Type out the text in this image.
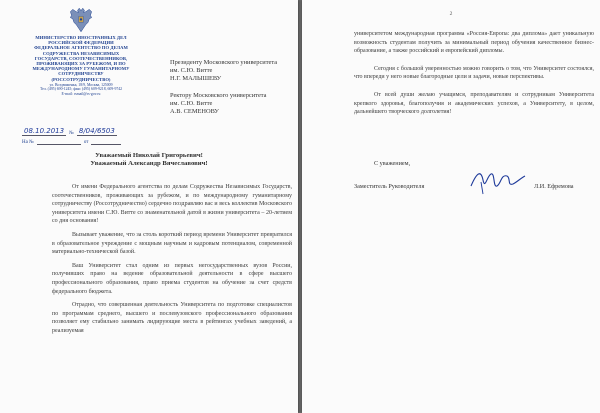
МИНИСТЕРСТВО ИНОСТРАННЫХ ДЕЛ
РОССИЙСКОЙ ФЕДЕРАЦИИ
ФЕДЕРАЛЬНОЕ АГЕНТСТВО ПО ДЕЛАМ
СОДРУЖЕСТВА НЕЗАВИСИМЫХ
ГОСУДАРСТВ, СООТЕЧЕСТВЕННИКОВ,
ПРОЖИВАЮЩИХ ЗА РУБЕЖОМ, И ПО
МЕЖДУНАРОДНОМУ ГУМАНИТАРНОМУ
СОТРУДНИЧЕСТВУ
(РОССОТРУДНИЧЕСТВО)
ул. Воздвиженка, 18/9, Москва, 125009
Тел. (495) 690-1245; факс (495) 609-9218, 609-9742
E-mail: rsmail@rs-gov.ru
08.10.2013	№ 8/04/6503
На №	от
Президенту Московского университета
им. С.Ю. Витте
Н.Г. МАЛЫШЕВУ
Ректору Московского университета
им. С.Ю. Витте
А.В. СЕМЕНОВУ
Уважаемый Николай Григорьевич!
Уважаемый Александр Вячеславович!

От имени Федерального агентства по делам Содружества Независимых Государств, соотечественников, проживающих за рубежом, и по международному гуманитарному сотрудничеству (Россотрудничество) сердечно поздравляю вас и весь коллектив Московского университета имени С.Ю. Витте со знаменательной датой в жизни университета – 20-летием со дня основания!

Вызывает уважение, что за столь короткий период времени Университет превратился в образовательное учреждение с мощным научным и кадровым потенциалом, современной материально-технической базой.

Ваш Университет стал одним из первых негосударственных вузов России, получивших право на ведение образовательной деятельности в сфере высшего профессионального образования, право приема студентов на обучение за счет средств федерального бюджета.

Отрадно, что совершенная деятельность Университета по подготовке специалистов по программам среднего, высшего и послевузовского профессионального образования позволяет ему стабильно занимать лидирующие места в рейтингах учебных заведений, а реализуемая

2

университетом международная программа «Россия-Европа: два диплома» дает уникальную возможность студентам получить за минимальный период обучения качественное бизнес-образование, а также российский и европейский дипломы.

Сегодня с большой уверенностью можно говорить о том, что Университет состоялся, что впереди у него новые благородные цели и задачи, новые перспективы.

От всей души желаю учащимся, преподавателям и сотрудникам Университета крепкого здоровья, благополучия и академических успехов, а Университету, в целом, дальнейшего творческого долголетия!

С уважением,
Заместитель Руководителя	Л.И. Ефремова
